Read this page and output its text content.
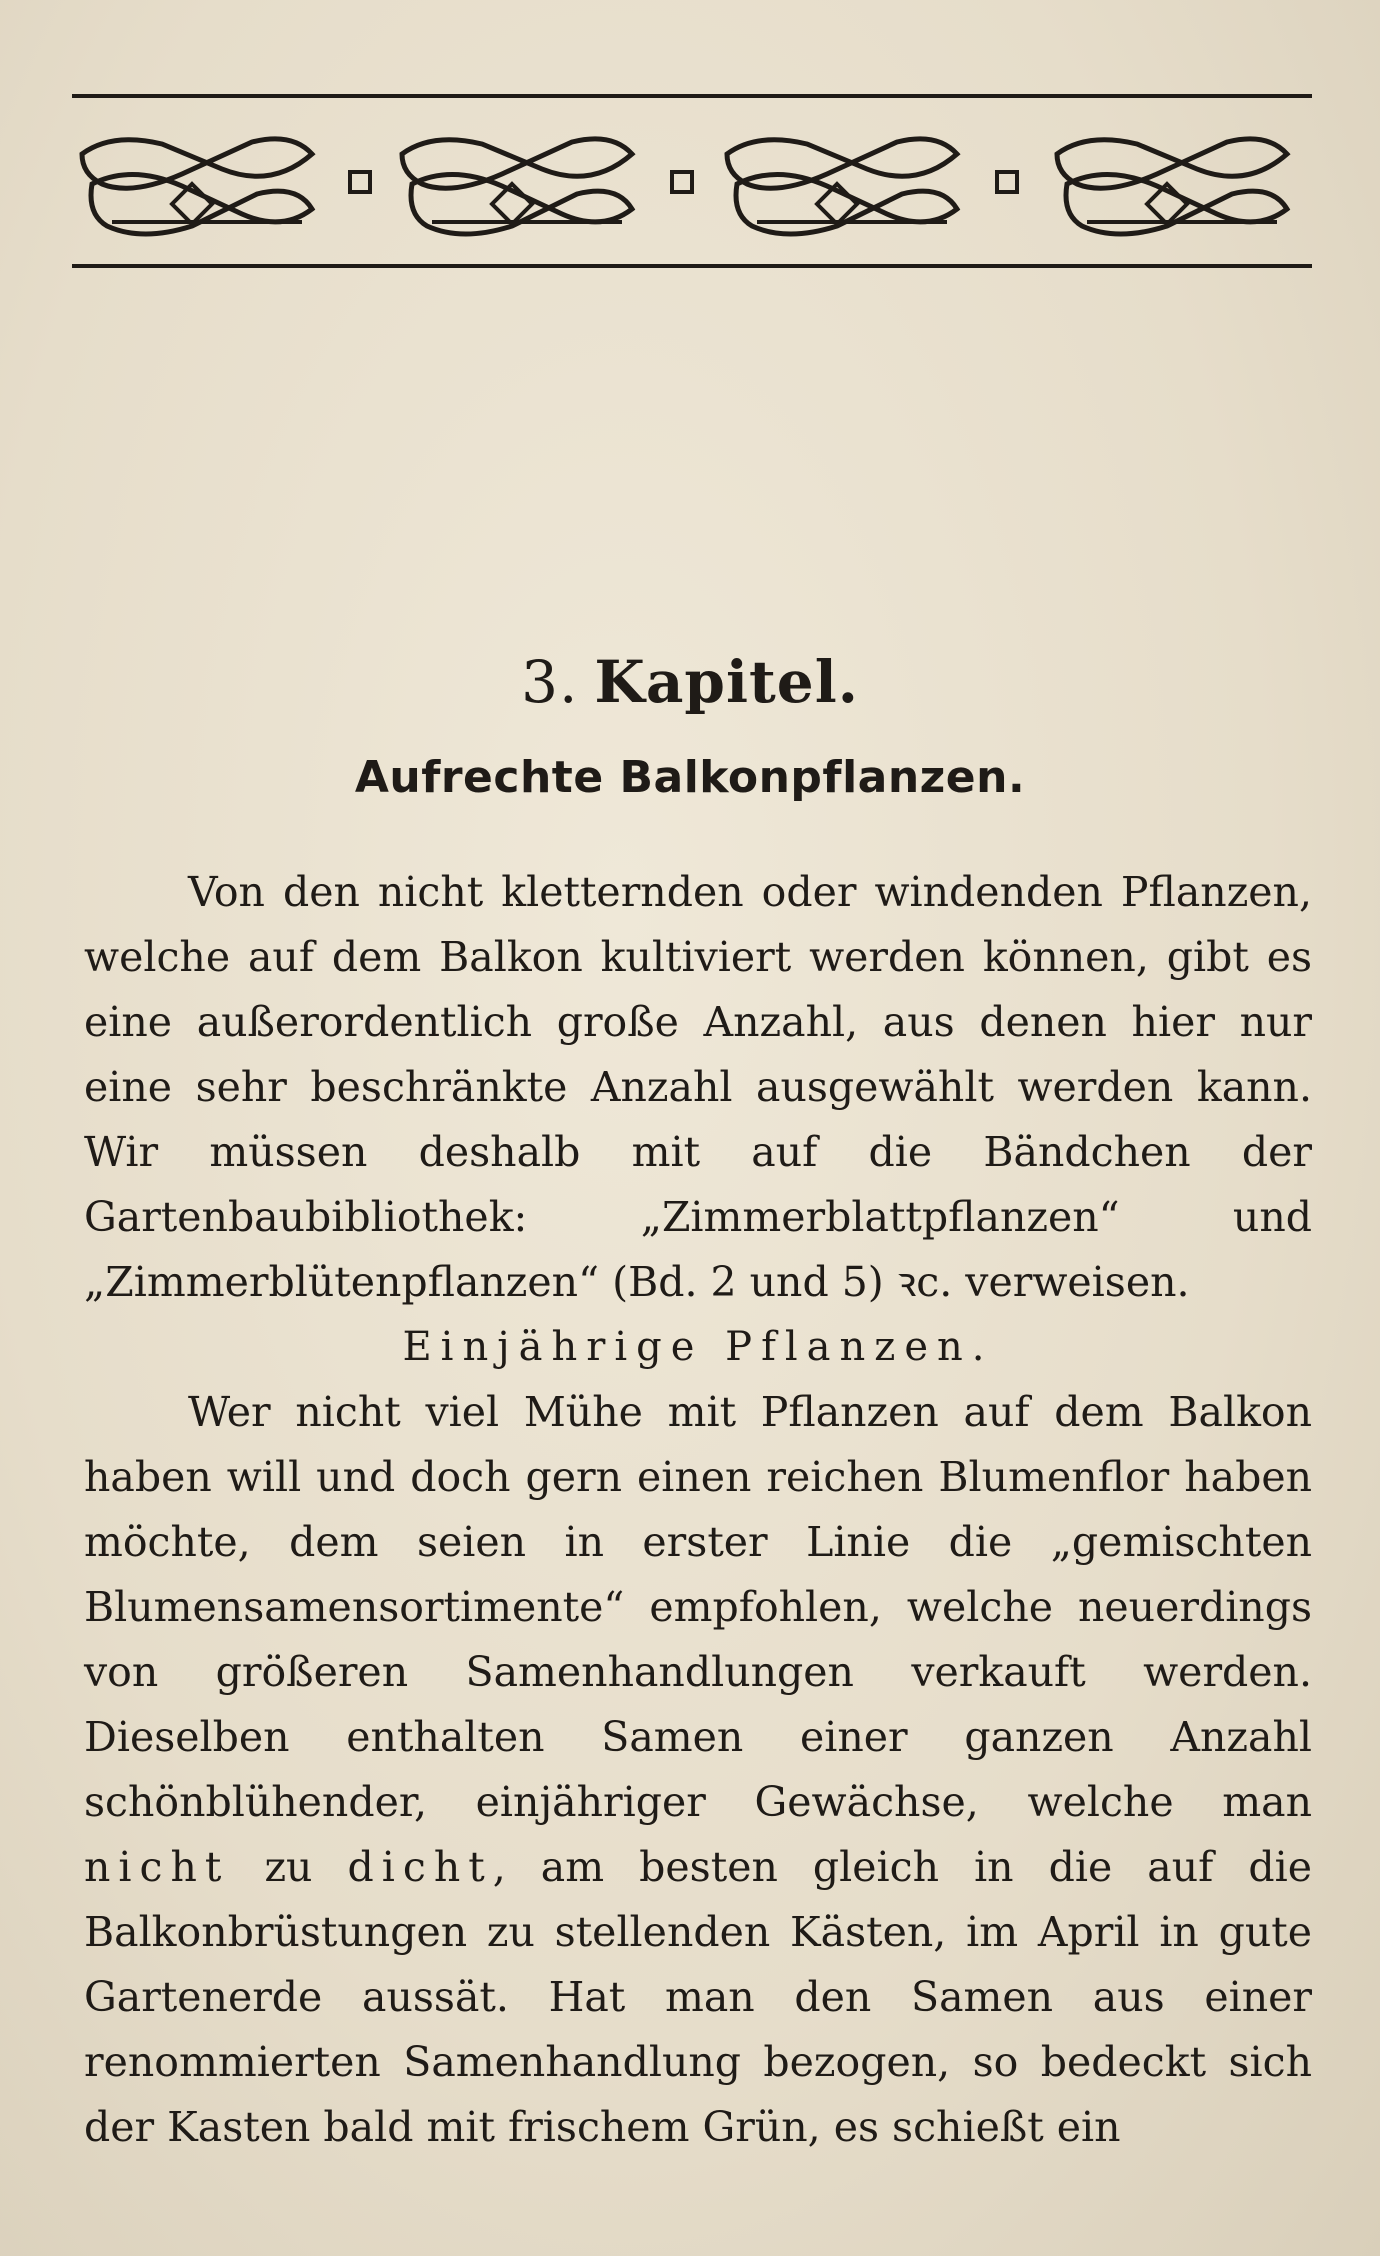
3. Kapitel.
Aufrechte Balkonpflanzen.

Von den nicht kletternden oder windenden Pflanzen, welche auf dem Balkon kultiviert werden können, gibt es eine außerordentlich große Anzahl, aus denen hier nur eine sehr beschränkte Anzahl ausgewählt werden kann. Wir müssen deshalb mit auf die Bändchen der Gartenbaubibliothek: „Zimmerblattpflanzen“ und „Zimmerblütenpflanzen“ (Bd. 2 und 5) ꝛc. verweisen.

Einjährige Pflanzen.

Wer nicht viel Mühe mit Pflanzen auf dem Balkon haben will und doch gern einen reichen Blumenflor haben möchte, dem seien in erster Linie die „gemischten Blumensamensortimente“ empfohlen, welche neuerdings von größeren Samenhandlungen verkauft werden. Dieselben enthalten Samen einer ganzen Anzahl schönblühender, einjähriger Gewächse, welche man nicht zu dicht, am besten gleich in die auf die Balkonbrüstungen zu stellenden Kästen, im April in gute Gartenerde aussät. Hat man den Samen aus einer renommierten Samenhandlung bezogen, so bedeckt sich der Kasten bald mit frischem Grün, es schießt ein
